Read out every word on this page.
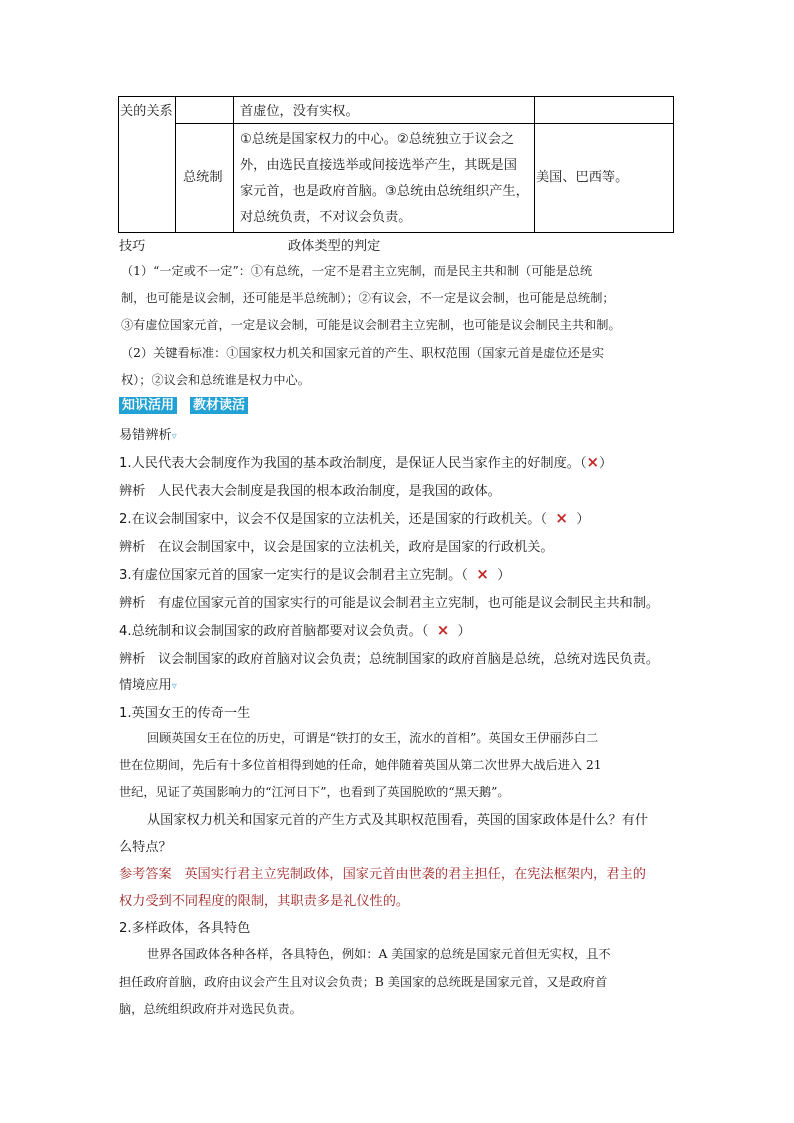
关的关系	首虚位，没有实权。
总统制
①总统是国家权力的中心。②总统独立于议会之
外，由选民直接选举或间接选举产生，其既是国
家元首，也是政府首脑。③总统由总统组织产生，
对总统负责，不对议会负责。
美国、巴西等。
技巧	政体类型的判定
（1）“一定或不一定”：①有总统，一定不是君主立宪制，而是民主共和制（可能是总统
制，也可能是议会制，还可能是半总统制）；②有议会，不一定是议会制，也可能是总统制；
③有虚位国家元首，一定是议会制，可能是议会制君主立宪制，也可能是议会制民主共和制。
（2）关键看标准：①国家权力机关和国家元首的产生、职权范围（国家元首是虚位还是实
权）；②议会和总统谁是权力中心。
知识活用 教材读活
易错辨析▿
1.人民代表大会制度作为我国的基本政治制度，是保证人民当家作主的好制度。（×）
辨析 人民代表大会制度是我国的根本政治制度，是我国的政体。
2.在议会制国家中，议会不仅是国家的立法机关，还是国家的行政机关。（ × ）
辨析 在议会制国家中，议会是国家的立法机关，政府是国家的行政机关。
3.有虚位国家元首的国家一定实行的是议会制君主立宪制。（ × ）
辨析 有虚位国家元首的国家实行的可能是议会制君主立宪制，也可能是议会制民主共和制。
4.总统制和议会制国家的政府首脑都要对议会负责。（ × ）
辨析 议会制国家的政府首脑对议会负责；总统制国家的政府首脑是总统，总统对选民负责。
情境应用▿
1.英国女王的传奇一生
回顾英国女王在位的历史，可谓是“铁打的女王，流水的首相”。英国女王伊丽莎白二
世在位期间，先后有十多位首相得到她的任命，她伴随着英国从第二次世界大战后进入 21
世纪，见证了英国影响力的“江河日下”，也看到了英国脱欧的“黑天鹅”。
从国家权力机关和国家元首的产生方式及其职权范围看，英国的国家政体是什么？有什
么特点？
参考答案 英国实行君主立宪制政体，国家元首由世袭的君主担任，在宪法框架内，君主的
权力受到不同程度的限制，其职责多是礼仪性的。
2.多样政体，各具特色
世界各国政体各种各样，各具特色，例如：A 美国家的总统是国家元首但无实权，且不
担任政府首脑，政府由议会产生且对议会负责；B 美国家的总统既是国家元首，又是政府首
脑，总统组织政府并对选民负责。
